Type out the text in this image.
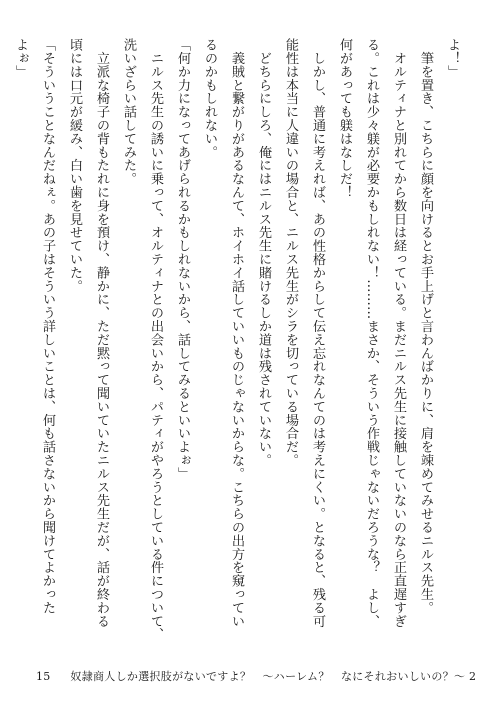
よ！」
　筆を置き、こちらに顔を向けるとお手上げと言わんばかりに、肩を竦めてみせるニルス先生。
　オルティナと別れてから数日は経っている。まだニルス先生に接触していないのなら正直遅すぎ
る。これは少々躾が必要かもしれない！………まさか、そういう作戦じゃないだろうな？　よし、
何があっても躾はなしだ！
　しかし、普通に考えれば、あの性格からして伝え忘れなんてのは考えにくい。となると、残る可
能性は本当に人違いの場合と、ニルス先生がシラを切っている場合だ。
　どちらにしろ、俺にはニルス先生に賭けるしか道は残されていない。
　義賊と繋がりがあるなんて、ホイホイ話していいものじゃないからな。こちらの出方を窺ってい
るのかもしれない。
「何か力になってあげられるかもしれないから、話してみるといいよぉ」
　ニルス先生の誘いに乗って、オルティナとの出会いから、パティがやろうとしている件について、
洗いざらい話してみた。
　立派な椅子の背もたれに身を預け、静かに、ただ黙って聞いていたニルス先生だが、話が終わる
頃には口元が緩み、白い歯を見せていた。
「そういうことなんだねぇ。あの子はそういう詳しいことは、何も話さないから聞けてよかった
よぉ」
15 奴隷商人しか選択肢がないですよ？　～ハーレム？　なにそれおいしいの？～ 2
